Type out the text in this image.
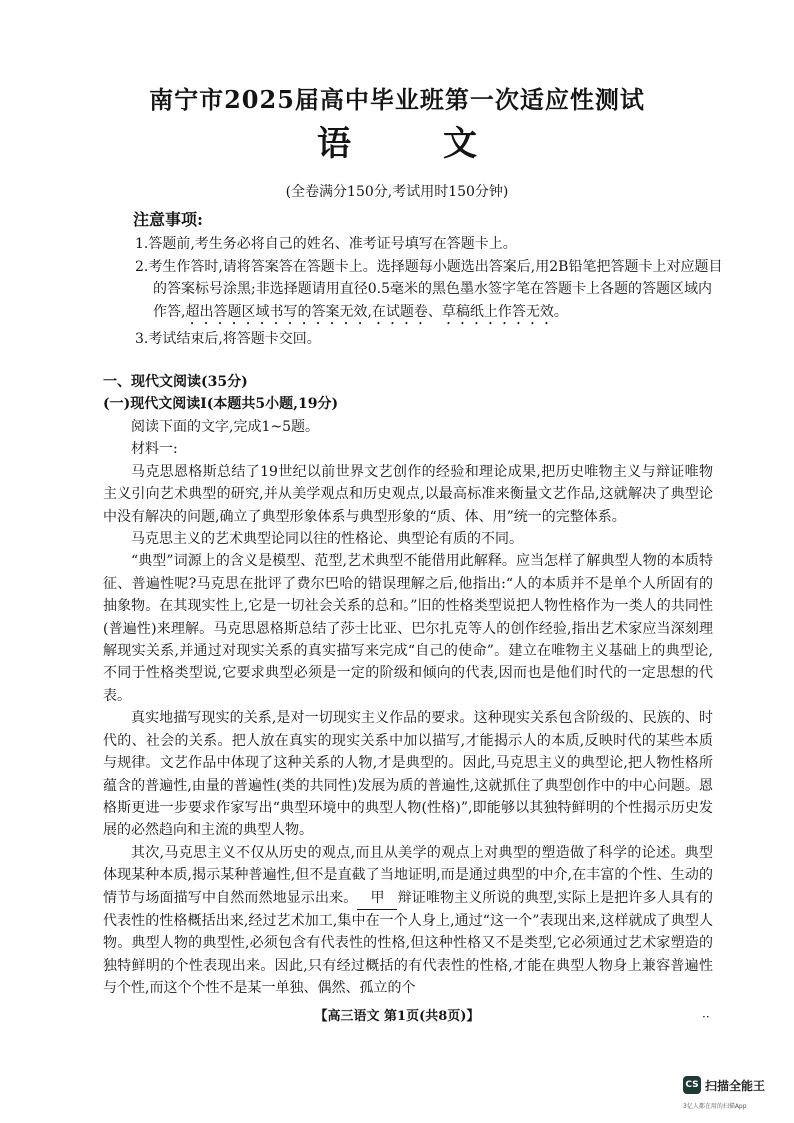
南宁市2025届高中毕业班第一次适应性测试
语	文
(全卷满分150分,考试用时150分钟)
注意事项:

1.答题前,考生务必将自己的姓名、准考证号填写在答题卡上。

2.考生作答时,请将答案答在答题卡上。选择题每小题选出答案后,用2B铅笔把答题卡上对应题目的答案标号涂黑;非选择题请用直径0.5毫米的黑色墨水签字笔在答题卡上各题的答题区域内作答,超出答题区域书写的答案无效,在试题卷、草稿纸上作答无效。

3.考试结束后,将答题卡交回。

一、现代文阅读(35分)
(一)现代文阅读Ⅰ(本题共5小题,19分)

阅读下面的文字,完成1~5题。

材料一:

马克思恩格斯总结了19世纪以前世界文艺创作的经验和理论成果,把历史唯物主义与辩证唯物主义引向艺术典型的研究,并从美学观点和历史观点,以最高标准来衡量文艺作品,这就解决了典型论中没有解决的问题,确立了典型形象体系与典型形象的“质、体、用”统一的完整体系。

马克思主义的艺术典型论同以往的性格论、典型论有质的不同。

“典型”词源上的含义是模型、范型,艺术典型不能借用此解释。应当怎样了解典型人物的本质特征、普遍性呢?马克思在批评了费尔巴哈的错误理解之后,他指出:“人的本质并不是单个人所固有的抽象物。在其现实性上,它是一切社会关系的总和。”旧的性格类型说把人物性格作为一类人的共同性(普遍性)来理解。马克思恩格斯总结了莎士比亚、巴尔扎克等人的创作经验,指出艺术家应当深刻理解现实关系,并通过对现实关系的真实描写来完成“自己的使命”。建立在唯物主义基础上的典型论,不同于性格类型说,它要求典型必须是一定的阶级和倾向的代表,因而也是他们时代的一定思想的代表。

真实地描写现实的关系,是对一切现实主义作品的要求。这种现实关系包含阶级的、民族的、时代的、社会的关系。把人放在真实的现实关系中加以描写,才能揭示人的本质,反映时代的某些本质与规律。文艺作品中体现了这种关系的人物,才是典型的。因此,马克思主义的典型论,把人物性格所蕴含的普遍性,由量的普遍性(类的共同性)发展为质的普遍性,这就抓住了典型创作中的中心问题。恩格斯更进一步要求作家写出“典型环境中的典型人物(性格)”,即能够以其独特鲜明的个性揭示历史发展的必然趋向和主流的典型人物。

其次,马克思主义不仅从历史的观点,而且从美学的观点上对典型的塑造做了科学的论述。典型体现某种本质,揭示某种普遍性,但不是直截了当地证明,而是通过典型的中介,在丰富的个性、生动的情节与场面描写中自然而然地显示出来。 甲 辩证唯物主义所说的典型,实际上是把许多人具有的代表性的性格概括出来,经过艺术加工,集中在一个人身上,通过“这一个”表现出来,这样就成了典型人物。典型人物的典型性,必须包含有代表性的性格,但这种性格又不是类型,它必须通过艺术家塑造的独特鲜明的个性表现出来。因此,只有经过概括的有代表性的性格,才能在典型人物身上兼容普遍性与个性,而这个个性不是某一单独、偶然、孤立的个

【高三语文 第1页(共8页)】	··
CS 扫描全能王
3亿人都在用的扫描App
